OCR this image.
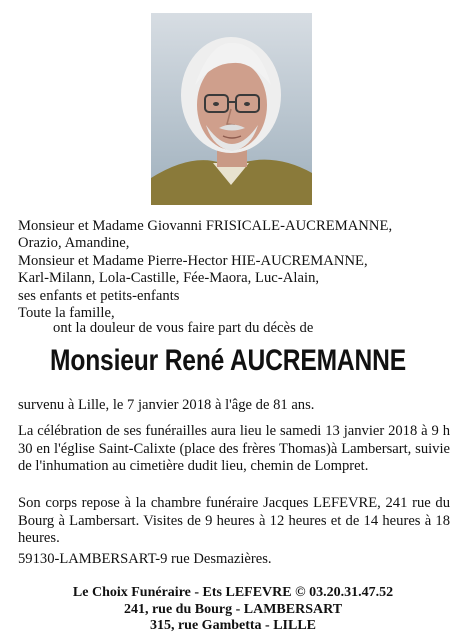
Monsieur et Madame Giovanni FRISICALE-AUCREMANNE,
Orazio, Amandine,
Monsieur et Madame Pierre-Hector HIE-AUCREMANNE,
Karl-Milann, Lola-Castille, Fée-Maora, Luc-Alain,
ses enfants et petits-enfants
Toute la famille,
ont la douleur de vous faire part du décès de
Monsieur René AUCREMANNE
survenu à Lille, le 7 janvier 2018 à l'âge de 81 ans.
La célébration de ses funérailles aura lieu le samedi 13 janvier 2018 à 9 h 30 en l'église Saint-Calixte (place des frères Thomas)à Lambersart, suivie de l'inhumation au cimetière dudit lieu, chemin de Lompret.
Son corps repose à la chambre funéraire Jacques LEFEVRE, 241 rue du Bourg à Lambersart. Visites de 9 heures à 12 heures et de 14 heures à 18 heures.
59130-LAMBERSART-9 rue Desmazières.
Le Choix Funéraire - Ets LEFEVRE © 03.20.31.47.52
241, rue du Bourg - LAMBERSART
315, rue Gambetta - LILLE
